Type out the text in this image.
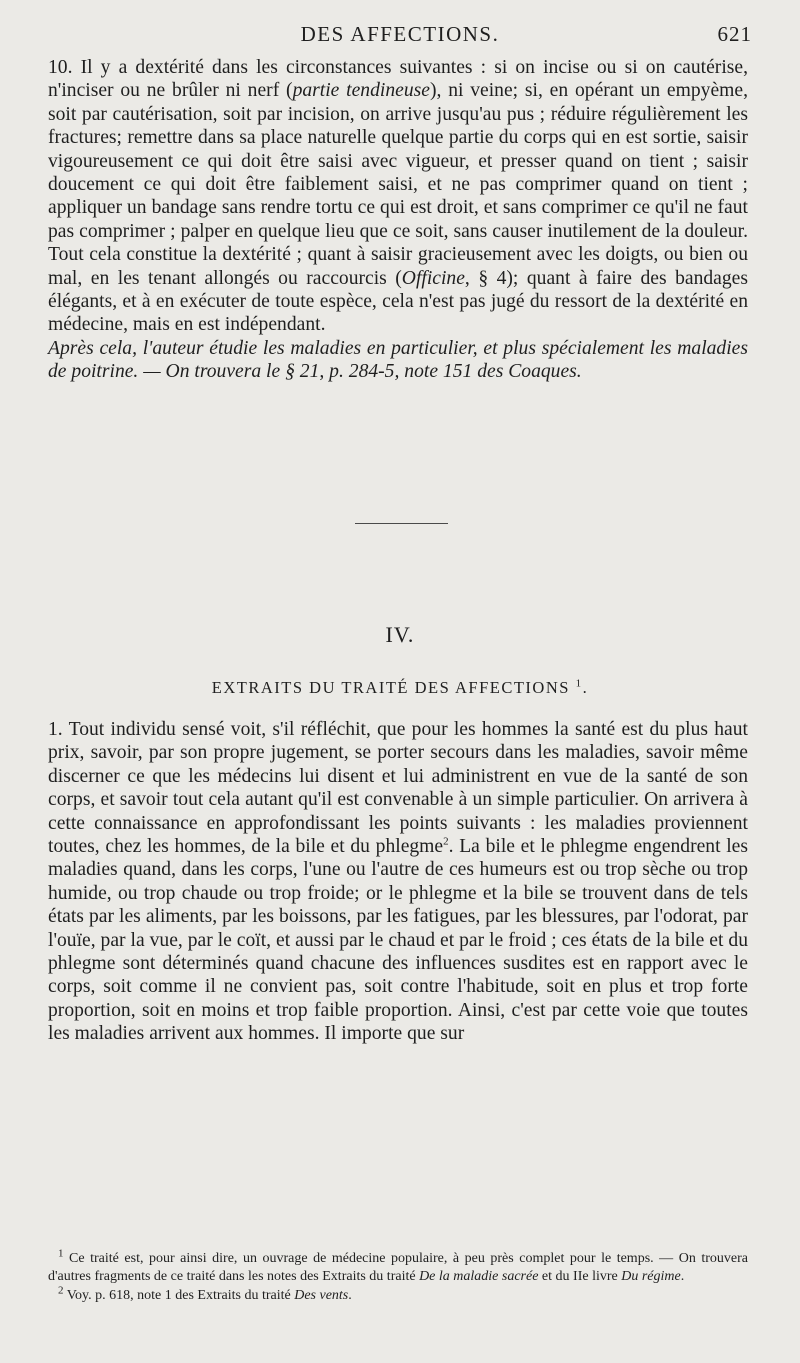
DES AFFECTIONS.	621

10. Il y a dextérité dans les circonstances suivantes : si on incise ou si on cautérise, n'inciser ou ne brûler ni nerf (partie tendineuse), ni veine; si, en opérant un empyème, soit par cautérisation, soit par incision, on arrive jusqu'au pus ; réduire régulièrement les fractures; remettre dans sa place naturelle quelque partie du corps qui en est sortie, saisir vigoureusement ce qui doit être saisi avec vigueur, et presser quand on tient ; saisir doucement ce qui doit être faiblement saisi, et ne pas comprimer quand on tient ; appliquer un bandage sans rendre tortu ce qui est droit, et sans comprimer ce qu'il ne faut pas comprimer ; palper en quelque lieu que ce soit, sans causer inutilement de la douleur. Tout cela constitue la dextérité ; quant à saisir gracieusement avec les doigts, ou bien ou mal, en les tenant allongés ou raccourcis (Officine, § 4); quant à faire des bandages élégants, et à en exécuter de toute espèce, cela n'est pas jugé du ressort de la dextérité en médecine, mais en est indépendant.

Après cela, l'auteur étudie les maladies en particulier, et plus spécialement les maladies de poitrine. — On trouvera le § 21, p. 284-5, note 151 des Coaques.

IV.
EXTRAITS DU TRAITÉ DES AFFECTIONS $^1$.

1. Tout individu sensé voit, s'il réfléchit, que pour les hommes la santé est du plus haut prix, savoir, par son propre jugement, se porter secours dans les maladies, savoir même discerner ce que les médecins lui disent et lui administrent en vue de la santé de son corps, et savoir tout cela autant qu'il est convenable à un simple particulier. On arrivera à cette connaissance en approfondissant les points suivants : les maladies proviennent toutes, chez les hommes, de la bile et du phlegme$^2$. La bile et le phlegme engendrent les maladies quand, dans les corps, l'une ou l'autre de ces humeurs est ou trop sèche ou trop humide, ou trop chaude ou trop froide; or le phlegme et la bile se trouvent dans de tels états par les aliments, par les boissons, par les fatigues, par les blessures, par l'odorat, par l'ouïe, par la vue, par le coït, et aussi par le chaud et par le froid ; ces états de la bile et du phlegme sont déterminés quand chacune des influences susdites est en rapport avec le corps, soit comme il ne convient pas, soit contre l'habitude, soit en plus et trop forte proportion, soit en moins et trop faible proportion. Ainsi, c'est par cette voie que toutes les maladies arrivent aux hommes. Il importe que sur

$^1$ Ce traité est, pour ainsi dire, un ouvrage de médecine populaire, à peu près complet pour le temps. — On trouvera d'autres fragments de ce traité dans les notes des Extraits du traité De la maladie sacrée et du IIe livre Du régime.

$^2$ Voy. p. 618, note 1 des Extraits du traité Des vents.
